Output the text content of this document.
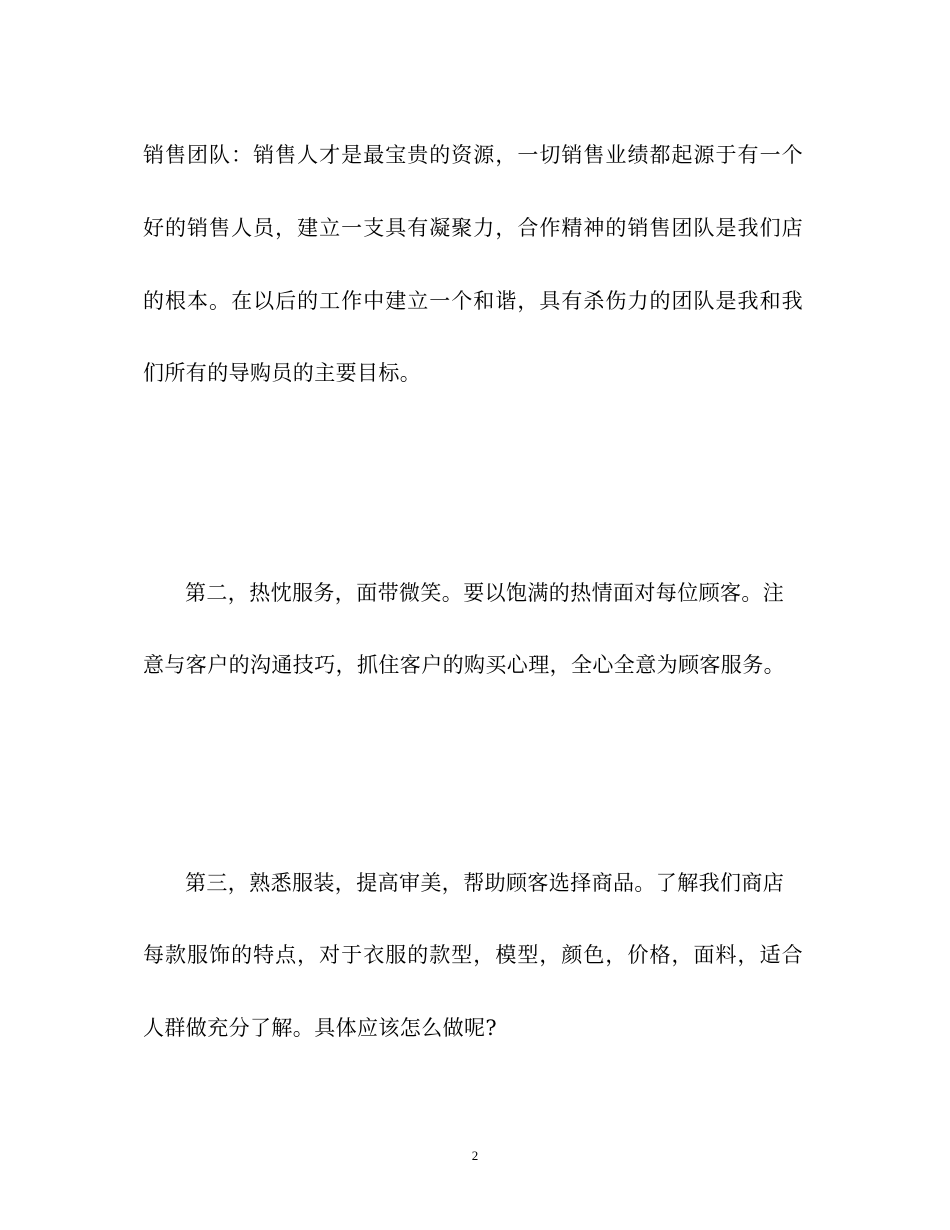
销售团队：销售人才是最宝贵的资源，一切销售业绩都起源于有一个
好的销售人员，建立一支具有凝聚力，合作精神的销售团队是我们店
的根本。在以后的工作中建立一个和谐，具有杀伤力的团队是我和我
们所有的导购员的主要目标。
第二，热忱服务，面带微笑。要以饱满的热情面对每位顾客。注
意与客户的沟通技巧，抓住客户的购买心理，全心全意为顾客服务。
第三，熟悉服装，提高审美，帮助顾客选择商品。了解我们商店
每款服饰的特点，对于衣服的款型，模型，颜色，价格，面料，适合
人群做充分了解。具体应该怎么做呢?
2
